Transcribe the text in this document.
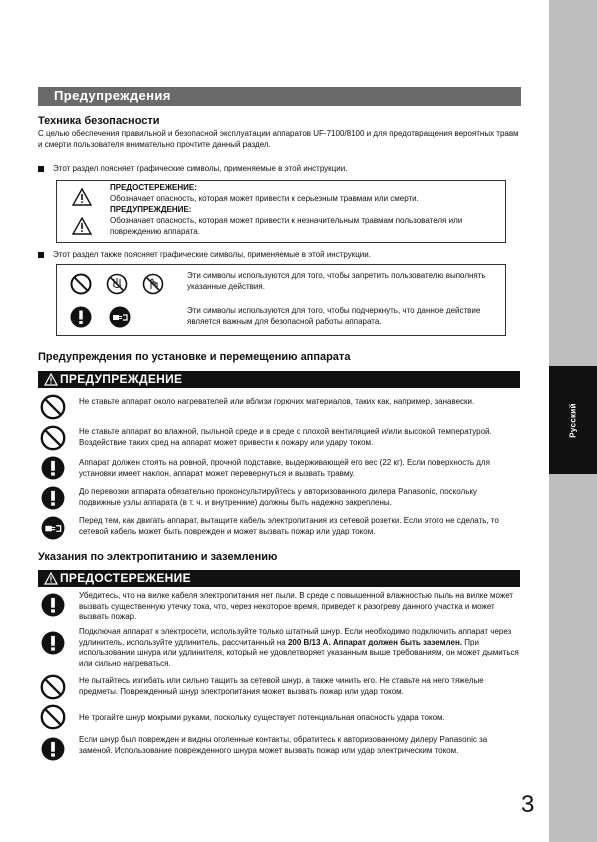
Русский
3
Предупреждения
Техника безопасности

С целью обеспечения правильной и безопасной эксплуатации аппаратов UF-7100/8100 и для предотвращения вероятных травм и смерти пользователя внимательно прочтите данный раздел.

Этот раздел поясняет графические символы, применяемые в этой инструкции.

ПРЕДОСТЕРЕЖЕНИЕ:

Обозначает опасность, которая может привести к серьезным травмам или смерти.

ПРЕДУПРЕЖДЕНИЕ:

Обозначает опасность, которая может привести к незначительным травмам пользователя или повреждению аппарата.

Этот раздел также поясняет графические символы, применяемые в этой инструкции.

Эти символы используются для того, чтобы запретить пользователю выполнять указанные действия.

Эти символы используются для того, чтобы подчеркнуть, что данное действие является важным для безопасной работы аппарата.

Предупреждения по установке и перемещению аппарата
ПРЕДУПРЕЖДЕНИЕ

Не ставьте аппарат около нагревателей или вблизи горючих материалов, таких как, например, занавески.

Не ставьте аппарат во влажной, пыльной среде и в среде с плохой вентиляцией и/или высокой температурой. Воздействие таких сред на аппарат может привести к пожару или удару током.

Аппарат должен стоять на ровной, прочной подставке, выдерживающей его вес (22 кг). Если поверхность для установки имеет наклон, аппарат может перевернуться и вызвать травму.

До перевозки аппарата обязательно проконсультируйтесь у авторизованного дилера Panasonic, поскольку подвижные узлы аппарата (в т. ч. и внутренние) должны быть надежно закреплены.

Перед тем, как двигать аппарат, вытащите кабель электропитания из сетевой розетки. Если этого не сделать, то сетевой кабель может быть поврежден и может вызвать пожар или удар током.

Указания по электропитанию и заземлению
ПРЕДОСТЕРЕЖЕНИЕ

Убедитесь, что на вилке кабеля электропитания нет пыли. В среде с повышенной влажностью пыль на вилке может вызвать существенную утечку тока, что, через некоторое время, приведет к разогреву данного участка и может вызвать пожар.

Подключая аппарат к электросети, используйте только штатный шнур. Если необходимо подключить аппарат через удлинитель, используйте удлинитель, рассчитанный на 200 В/13 А. Аппарат должен быть заземлен. При использовании шнура или удлинителя, который не удовлетворяет указанным выше требованиям, он может дымиться или сильно нагреваться.

Не пытайтесь изгибать или сильно тащить за сетевой шнур, а также чинить его. Не ставьте на него тяжелые предметы. Поврежденный шнур электропитания может вызвать пожар или удар током.

Не трогайте шнур мокрыми руками, поскольку существует потенциальная опасность удара током.

Если шнур был поврежден и видны оголенные контакты, обратитесь к авторизованному дилеру Panasonic за заменой. Использование поврежденного шнура может вызвать пожар или удар электрическим током.
